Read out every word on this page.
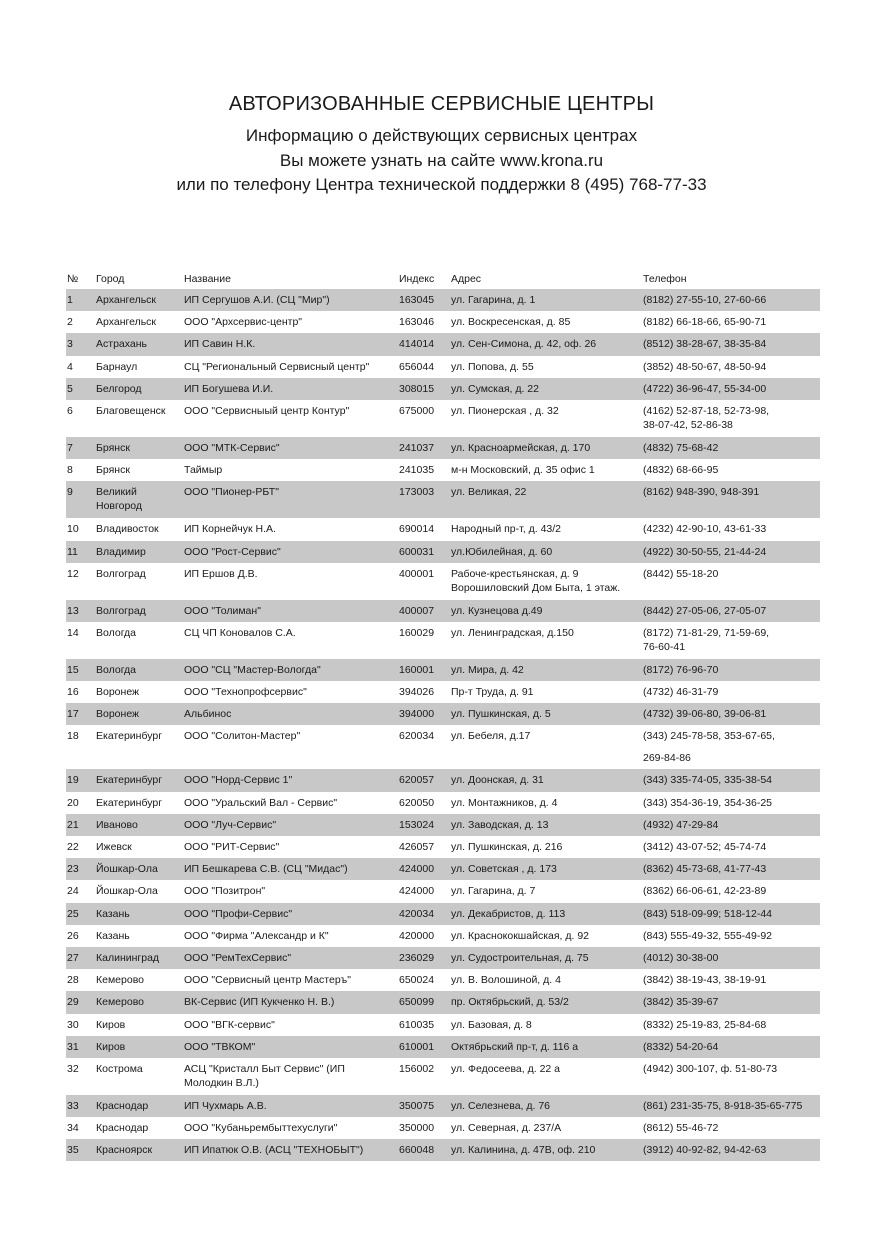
АВТОРИЗОВАННЫЕ СЕРВИСНЫЕ ЦЕНТРЫ
Информацию о действующих сервисных центрах
Вы можете узнать на сайте www.krona.ru
или по телефону Центра технической поддержки 8 (495) 768-77-33
№ Город	Название	Индекс Адрес	Телефон
1 Архангельск	ИП Сергушов А.И. (СЦ "Мир")	163045 ул. Гагарина, д. 1	(8182) 27-55-10, 27-60-66
2 Архангельск	ООО "Архсервис-центр"	163046 ул. Воскресенская, д. 85	(8182) 66-18-66, 65-90-71
3 Астрахань	ИП Савин Н.К.	414014 ул. Сен-Симона, д. 42, оф. 26	(8512) 38-28-67, 38-35-84
4 Барнаул	СЦ "Региональный Сервисный центр"	656044 ул. Попова, д. 55	(3852) 48-50-67, 48-50-94
5 Белгород	ИП Богушева И.И.	308015 ул. Сумская, д. 22	(4722) 36-96-47, 55-34-00
6 Благовещенск ООО "Сервисныый центр Контур"	675000 ул. Пионерская , д. 32	(4162) 52-87-18, 52-73-98,
38-07-42, 52-86-38
7 Брянск	ООО "МТК-Сервис"	241037 ул. Красноармейская, д. 170	(4832) 75-68-42
8 Брянск	Таймыр	241035 м-н Московский, д. 35 офис 1	(4832) 68-66-95
9 Великий
Новгород
ООО "Пионер-РБТ"	173003 ул. Великая, 22	(8162) 948-390, 948-391
10 Владивосток ИП Корнейчук Н.А.	690014 Народный пр-т, д. 43/2	(4232) 42-90-10, 43-61-33
11 Владимир	ООО "Рост-Сервис"	600031 ул.Юбилейная, д. 60	(4922) 30-50-55, 21-44-24
12 Волгоград	ИП Ершов Д.В.	400001 Рабоче-крестьянская, д. 9
Ворошиловский Дом Быта, 1 этаж.
(8442) 55-18-20
13 Волгоград	ООО "Толиман"	400007 ул. Кузнецова д.49	(8442) 27-05-06, 27-05-07
14 Вологда	СЦ ЧП Коновалов С.А.	160029 ул. Ленинградская, д.150	(8172) 71-81-29, 71-59-69,
76-60-41
15 Вологда	ООО "СЦ "Мастер-Вологда"	160001 ул. Мира, д. 42	(8172) 76-96-70
16 Воронеж	ООО "Технопрофсервис"	394026 Пр-т Труда, д. 91	(4732) 46-31-79
17 Воронеж	Альбинос	394000 ул. Пушкинская, д. 5	(4732) 39-06-80, 39-06-81
18 Екатеринбург ООО "Солитон-Мастер"	620034 ул. Бебеля, д.17	(343) 245-78-58, 353-67-65,
269-84-86
19 Екатеринбург ООО "Норд-Сервис 1"	620057 ул. Доонская, д. 31	(343) 335-74-05, 335-38-54
20 Екатеринбург ООО "Уральский Вал - Сервис"	620050 ул. Монтажников, д. 4	(343) 354-36-19, 354-36-25
21 Иваново	ООО "Луч-Сервис"	153024 ул. Заводская, д. 13	(4932) 47-29-84
22 Ижевск	ООО "РИТ-Сервис"	426057 ул. Пушкинская, д. 216	(3412) 43-07-52; 45-74-74
23 Йошкар-Ола ИП Бешкарева С.В. (СЦ "Мидас")	424000 ул. Советская , д. 173	(8362) 45-73-68, 41-77-43
24 Йошкар-Ола ООО "Позитрон"	424000 ул. Гагарина, д. 7	(8362) 66-06-61, 42-23-89
25 Казань	ООО "Профи-Сервис"	420034 ул. Декабристов, д. 113	(843) 518-09-99; 518-12-44
26 Казань	ООО "Фирма "Александр и К"	420000 ул. Краснококшайская, д. 92	(843) 555-49-32, 555-49-92
27 Калининград ООО "РемТехСервис"	236029 ул. Судостроительная, д. 75	(4012) 30-38-00
28 Кемерово	ООО "Сервисный центр Мастеръ"	650024 ул. В. Волошиной, д. 4	(3842) 38-19-43, 38-19-91
29 Кемерово	ВК-Сервис (ИП Кукченко Н. В.)	650099 пр. Октябрьский, д. 53/2	(3842) 35-39-67
30 Киров	ООО "ВГК-сервис"	610035 ул. Базовая, д. 8	(8332) 25-19-83, 25-84-68
31 Киров	ООО "ТВКОМ"	610001 Октябрьский пр-т, д. 116 а	(8332) 54-20-64
32 Кострома	АСЦ "Кристалл Быт Сервис" (ИП
Молодкин В.Л.)
156002 ул. Федосеева, д. 22 а	(4942) 300-107, ф. 51-80-73
33 Краснодар	ИП Чухмарь А.В.	350075 ул. Селезнева, д. 76	(861) 231-35-75, 8-918-35-65-775
34 Краснодар	ООО "Кубаньрембыттехуслуги"	350000 ул. Северная, д. 237/А	(8612) 55-46-72
35 Красноярск	ИП Ипатюк О.В. (АСЦ "ТЕХНОБЫТ")	660048 ул. Калинина, д. 47В, оф. 210	(3912) 40-92-82, 94-42-63
